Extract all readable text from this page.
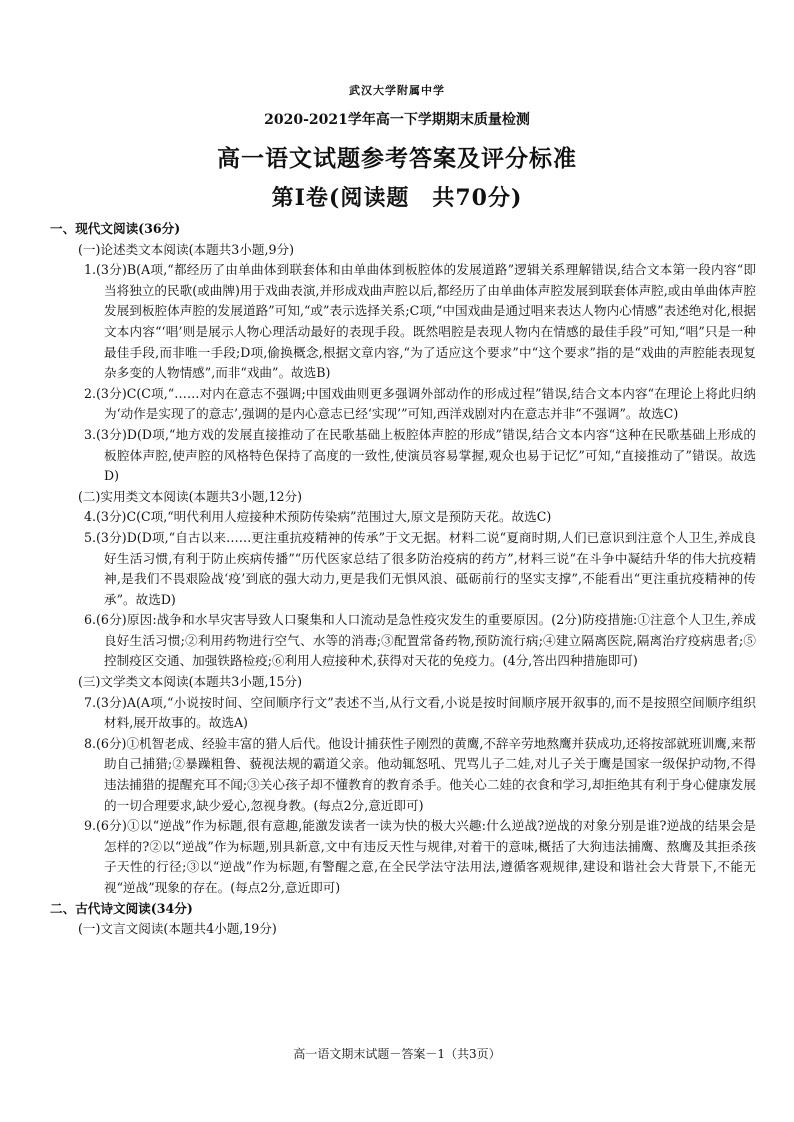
武汉大学附属中学
2020-2021学年高一下学期期末质量检测
高一语文试题参考答案及评分标准
第Ⅰ卷(阅读题　共70分)
一、现代文阅读(36分)
(一)论述类文本阅读(本题共3小题,9分)
1.(3分)B(A项,“都经历了由单曲体到联套体和由单曲体到板腔体的发展道路”逻辑关系理解错误,结合文本第一段内容“即当将独立的民歌(或曲牌)用于戏曲表演,并形成戏曲声腔以后,都经历了由单曲体声腔发展到联套体声腔,或由单曲体声腔发展到板腔体声腔的发展道路”可知,“或”表示选择关系;C项,“中国戏曲是通过唱来表达人物内心情感”表述绝对化,根据文本内容“‘唱’则是展示人物心理活动最好的表现手段。既然唱腔是表现人物内在情感的最佳手段”可知,“唱”只是一种最佳手段,而非唯一手段;D项,偷换概念,根据文章内容,“为了适应这个要求”中“这个要求”指的是“戏曲的声腔能表现复杂多变的人物情感”,而非“戏曲”。故选B)
2.(3分)C(C项,“……对内在意志不强调;中国戏曲则更多强调外部动作的形成过程”错误,结合文本内容“在理论上将此归纳为‘动作是实现了的意志’,强调的是内心意志已经‘实现’”可知,西洋戏剧对内在意志并非“不强调”。故选C)
3.(3分)D(D项,“地方戏的发展直接推动了在民歌基础上板腔体声腔的形成”错误,结合文本内容“这种在民歌基础上形成的板腔体声腔,使声腔的风格特色保持了高度的一致性,使演员容易掌握,观众也易于记忆”可知,“直接推动了”错误。故选D)
(二)实用类文本阅读(本题共3小题,12分)
4.(3分)C(C项,“明代利用人痘接种术预防传染病”范围过大,原文是预防天花。故选C)
5.(3分)D(D项,“自古以来……更注重抗疫精神的传承”于文无据。材料二说“夏商时期,人们已意识到注意个人卫生,养成良好生活习惯,有利于防止疾病传播”“历代医家总结了很多防治疫病的药方”,材料三说“在斗争中凝结升华的伟大抗疫精神,是我们不畏艰险战‘疫’到底的强大动力,更是我们无惧风浪、砥砺前行的坚实支撑”,不能看出“更注重抗疫精神的传承”。故选D)
6.(6分)原因:战争和水旱灾害导致人口聚集和人口流动是急性疫灾发生的重要原因。(2分)防疫措施:①注意个人卫生,养成良好生活习惯;②利用药物进行空气、水等的消毒;③配置常备药物,预防流行病;④建立隔离医院,隔离治疗疫病患者;⑤控制疫区交通、加强铁路检疫;⑥利用人痘接种术,获得对天花的免疫力。(4分,答出四种措施即可)
(三)文学类文本阅读(本题共3小题,15分)
7.(3分)A(A项,“小说按时间、空间顺序行文”表述不当,从行文看,小说是按时间顺序展开叙事的,而不是按照空间顺序组织材料,展开故事的。故选A)
8.(6分)①机智老成、经验丰富的猎人后代。他设计捕获性子刚烈的黄鹰,不辞辛劳地熬鹰并获成功,还将按部就班训鹰,来帮助自己捕猎;②暴躁粗鲁、藐视法规的霸道父亲。他动辄怒吼、咒骂儿子二娃,对儿子关于鹰是国家一级保护动物,不得违法捕猎的提醒充耳不闻;③关心孩子却不懂教育的教育杀手。他关心二娃的衣食和学习,却拒绝其有利于身心健康发展的一切合理要求,缺少爱心,忽视身教。(每点2分,意近即可)
9.(6分)①以“逆战”作为标题,很有意趣,能激发读者一读为快的极大兴趣:什么逆战?逆战的对象分别是谁?逆战的结果会是怎样的?②以“逆战”作为标题,别具新意,文中有违反天性与规律,对着干的意味,概括了大狗违法捕鹰、熬鹰及其拒杀孩子天性的行径;③以“逆战”作为标题,有警醒之意,在全民学法守法用法,遵循客观规律,建设和谐社会大背景下,不能无视“逆战”现象的存在。(每点2分,意近即可)
二、古代诗文阅读(34分)
(一)文言文阅读(本题共4小题,19分)
高一语文期末试题－答案－1（共3页）
